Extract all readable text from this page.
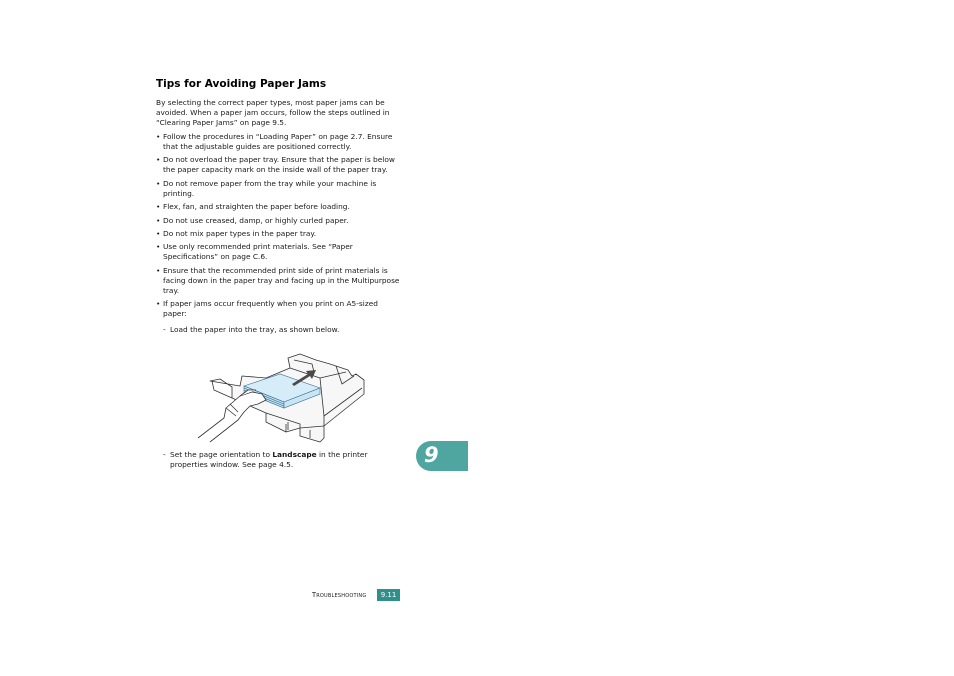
Tips for Avoiding Paper Jams

By selecting the correct paper types, most paper jams can be avoided. When a paper jam occurs, follow the steps outlined in “Clearing Paper Jams” on page 9.5.

• Follow the procedures in “Loading Paper” on page 2.7. Ensure that the adjustable guides are positioned correctly.
• Do not overload the paper tray. Ensure that the paper is below the paper capacity mark on the inside wall of the paper tray.
• Do not remove paper from the tray while your machine is printing.
• Flex, fan, and straighten the paper before loading.
• Do not use creased, damp, or highly curled paper.
• Do not mix paper types in the paper tray.
• Use only recommended print materials. See “Paper Specifications” on page C.6.
• Ensure that the recommended print side of print materials is facing down in the paper tray and facing up in the Multipurpose tray.
• If paper jams occur frequently when you print on A5-sized paper:
- Load the paper into the tray, as shown below.
- Set the page orientation to Landscape in the printer properties window. See page 4.5.	9
Troubleshooting	9.11
